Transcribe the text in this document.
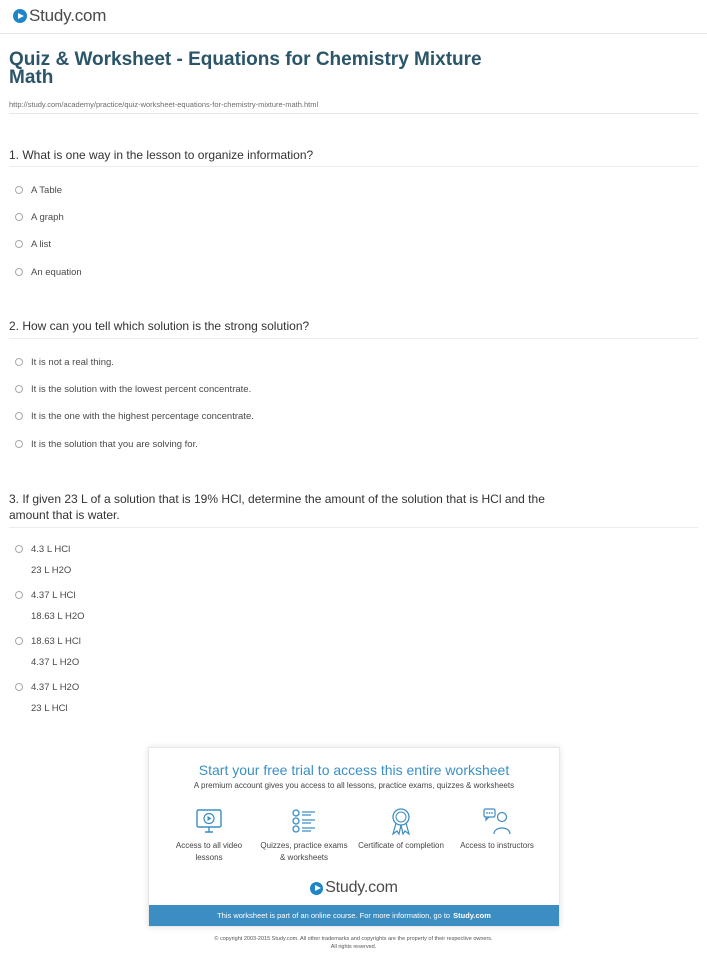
Study.com
Quiz & Worksheet - Equations for Chemistry Mixture Math
http://study.com/academy/practice/quiz-worksheet-equations-for-chemistry-mixture-math.html
1. What is one way in the lesson to organize information?
A Table
A graph
A list
An equation
2. How can you tell which solution is the strong solution?
It is not a real thing.
It is the solution with the lowest percent concentrate.
It is the one with the highest percentage concentrate.
It is the solution that you are solving for.
3. If given 23 L of a solution that is 19% HCl, determine the amount of the solution that is HCl and the amount that is water.
4.3 L HCl
23 L H2O
4.37 L HCl
18.63 L H2O
18.63 L HCl
4.37 L H2O
4.37 L H2O
23 L HCl
Start your free trial to access this entire worksheet
A premium account gives you access to all lessons, practice exams, quizzes & worksheets
Access to all video lessons
Quizzes, practice exams & worksheets
Certificate of completion	Access to instructors
Study.com
This worksheet is part of an online course. For more information, go to Study.com
© copyright 2003-2015 Study.com. All other trademarks and copyrights are the property of their respective owners.
All rights reserved.
